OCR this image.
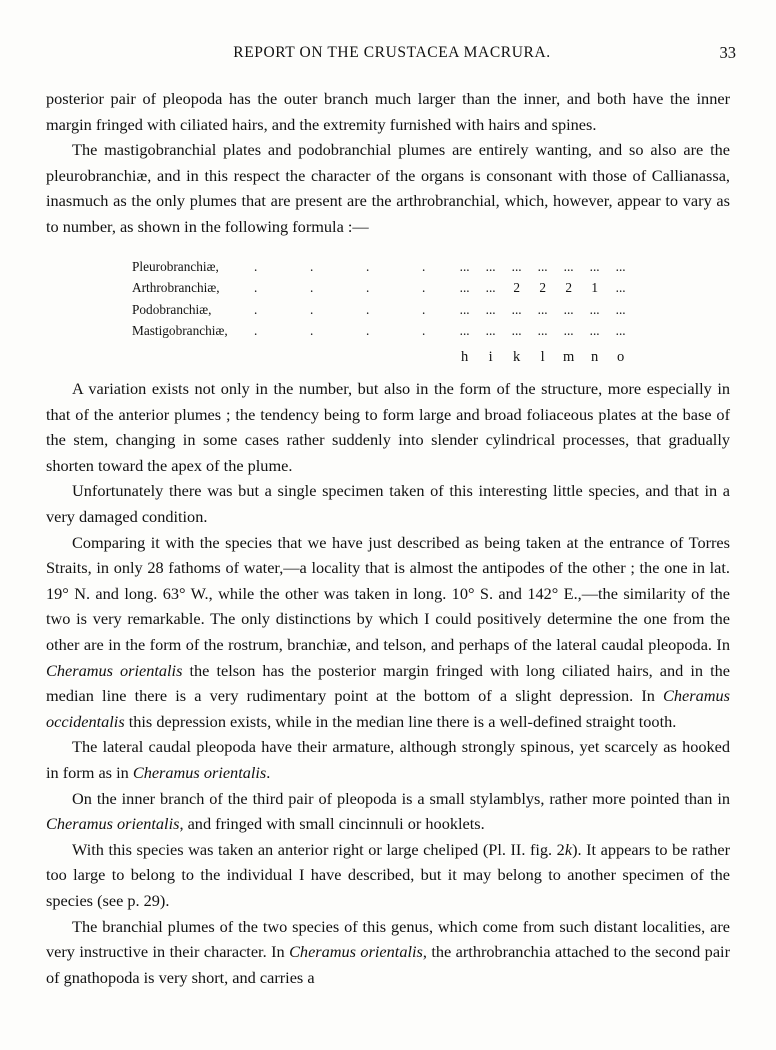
REPORT ON THE CRUSTACEA MACRURA.	33

posterior pair of pleopoda has the outer branch much larger than the inner, and both have the inner margin fringed with ciliated hairs, and the extremity furnished with hairs and spines.

The mastigobranchial plates and podobranchial plumes are entirely wanting, and so also are the pleurobranchiæ, and in this respect the character of the organs is consonant with those of Callianassa, inasmuch as the only plumes that are present are the arthrobranchial, which, however, appear to vary as to number, as shown in the following formula :—

Pleurobranchiæ,	.	.	.	.	...	...	...	...	...	...	...
Arthrobranchiæ,	.	.	.	.	...	...	2	2	2	1	...
Podobranchiæ,	.	.	.	.	...	...	...	...	...	...	...
Mastigobranchiæ,	.	.	.	.	...	...	...	...	...	...	...
					h	i	k	l	m	n	o

A variation exists not only in the number, but also in the form of the structure, more especially in that of the anterior plumes ; the tendency being to form large and broad foliaceous plates at the base of the stem, changing in some cases rather suddenly into slender cylindrical processes, that gradually shorten toward the apex of the plume.

Unfortunately there was but a single specimen taken of this interesting little species, and that in a very damaged condition.

Comparing it with the species that we have just described as being taken at the entrance of Torres Straits, in only 28 fathoms of water,—a locality that is almost the antipodes of the other ; the one in lat. 19° N. and long. 63° W., while the other was taken in long. 10° S. and 142° E.,—the similarity of the two is very remarkable. The only distinctions by which I could positively determine the one from the other are in the form of the rostrum, branchiæ, and telson, and perhaps of the lateral caudal pleopoda. In Cheramus orientalis the telson has the posterior margin fringed with long ciliated hairs, and in the median line there is a very rudimentary point at the bottom of a slight depression. In Cheramus occidentalis this depression exists, while in the median line there is a well-defined straight tooth.

The lateral caudal pleopoda have their armature, although strongly spinous, yet scarcely as hooked in form as in Cheramus orientalis.

On the inner branch of the third pair of pleopoda is a small stylamblys, rather more pointed than in Cheramus orientalis, and fringed with small cincinnuli or hooklets.

With this species was taken an anterior right or large cheliped (Pl. II. fig. 2k). It appears to be rather too large to belong to the individual I have described, but it may belong to another specimen of the species (see p. 29).

The branchial plumes of the two species of this genus, which come from such distant localities, are very instructive in their character. In Cheramus orientalis, the arthrobranchia attached to the second pair of gnathopoda is very short, and carries a
